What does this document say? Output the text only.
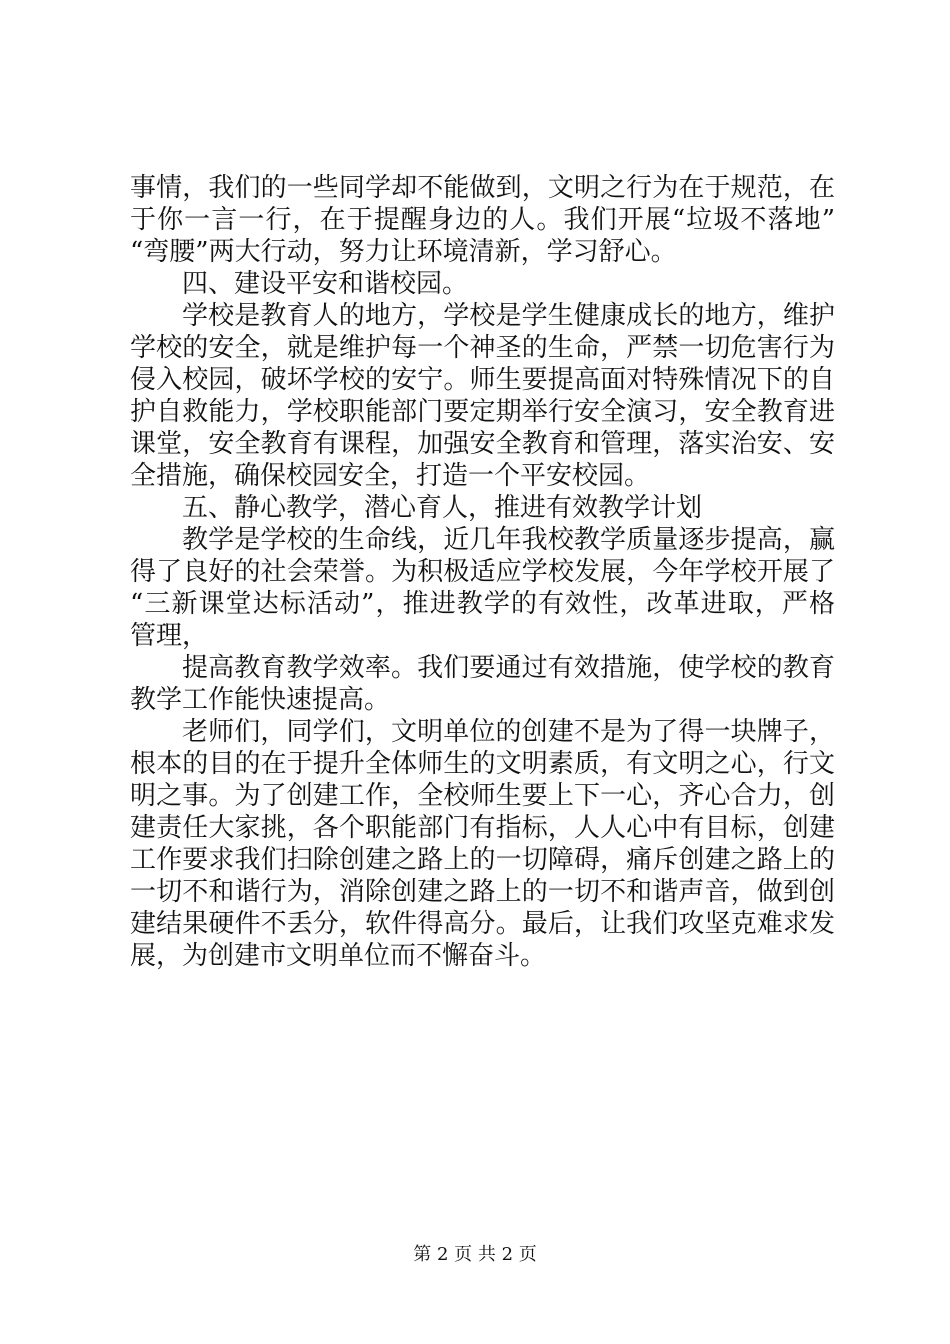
事情，我们的一些同学却不能做到，文明之行为在于规范，在
于你一言一行，在于提醒身边的人。我们开展“垃圾不落地”
“弯腰”两大行动，努力让环境清新，学习舒心。
四、建设平安和谐校园。
学校是教育人的地方，学校是学生健康成长的地方，维护
学校的安全，就是维护每一个神圣的生命，严禁一切危害行为
侵入校园，破坏学校的安宁。师生要提高面对特殊情况下的自
护自救能力，学校职能部门要定期举行安全演习，安全教育进
课堂，安全教育有课程，加强安全教育和管理，落实治安、安
全措施，确保校园安全，打造一个平安校园。
五、静心教学，潜心育人，推进有效教学计划
教学是学校的生命线，近几年我校教学质量逐步提高，赢
得了良好的社会荣誉。为积极适应学校发展，今年学校开展了
“三新课堂达标活动”，推进教学的有效性，改革进取，严格
管理，
提高教育教学效率。我们要通过有效措施，使学校的教育
教学工作能快速提高。
老师们，同学们，文明单位的创建不是为了得一块牌子，
根本的目的在于提升全体师生的文明素质，有文明之心，行文
明之事。为了创建工作，全校师生要上下一心，齐心合力，创
建责任大家挑，各个职能部门有指标，人人心中有目标，创建
工作要求我们扫除创建之路上的一切障碍，痛斥创建之路上的
一切不和谐行为，消除创建之路上的一切不和谐声音，做到创
建结果硬件不丢分，软件得高分。最后，让我们攻坚克难求发
展，为创建市文明单位而不懈奋斗。
第 2 页 共 2 页
